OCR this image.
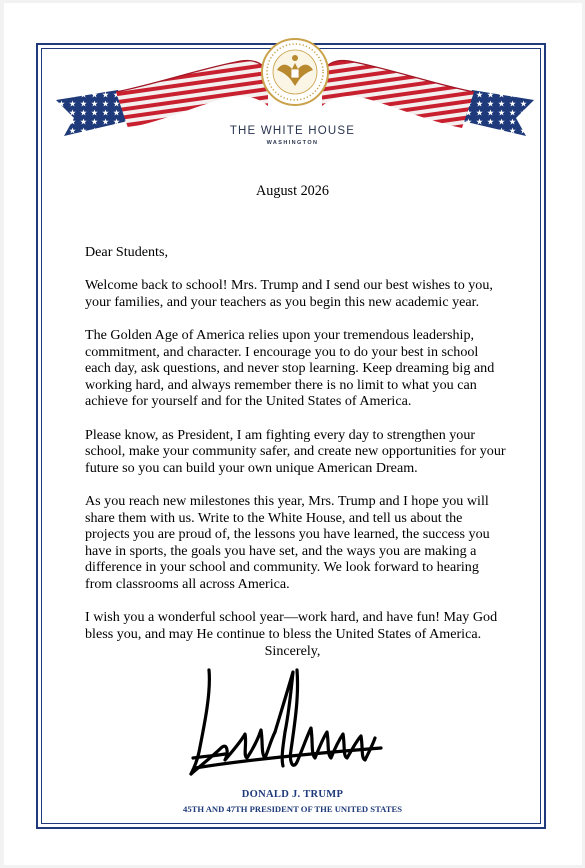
THE WHITE HOUSE
WASHINGTON
August 2026

Dear Students,

Welcome back to school! Mrs. Trump and I send our best wishes to you,
your families, and your teachers as you begin this new academic year.

The Golden Age of America relies upon your tremendous leadership,
commitment, and character. I encourage you to do your best in school
each day, ask questions, and never stop learning. Keep dreaming big and
working hard, and always remember there is no limit to what you can
achieve for yourself and for the United States of America.

Please know, as President, I am fighting every day to strengthen your
school, make your community safer, and create new opportunities for your
future so you can build your own unique American Dream.

As you reach new milestones this year, Mrs. Trump and I hope you will
share them with us. Write to the White House, and tell us about the
projects you are proud of, the lessons you have learned, the success you
have in sports, the goals you have set, and the ways you are making a
difference in your school and community. We look forward to hearing
from classrooms all across America.

I wish you a wonderful school year—work hard, and have fun! May God
bless you, and may He continue to bless the United States of America.

Sincerely,
DONALD J. TRUMP
45TH AND 47TH PRESIDENT OF THE UNITED STATES
